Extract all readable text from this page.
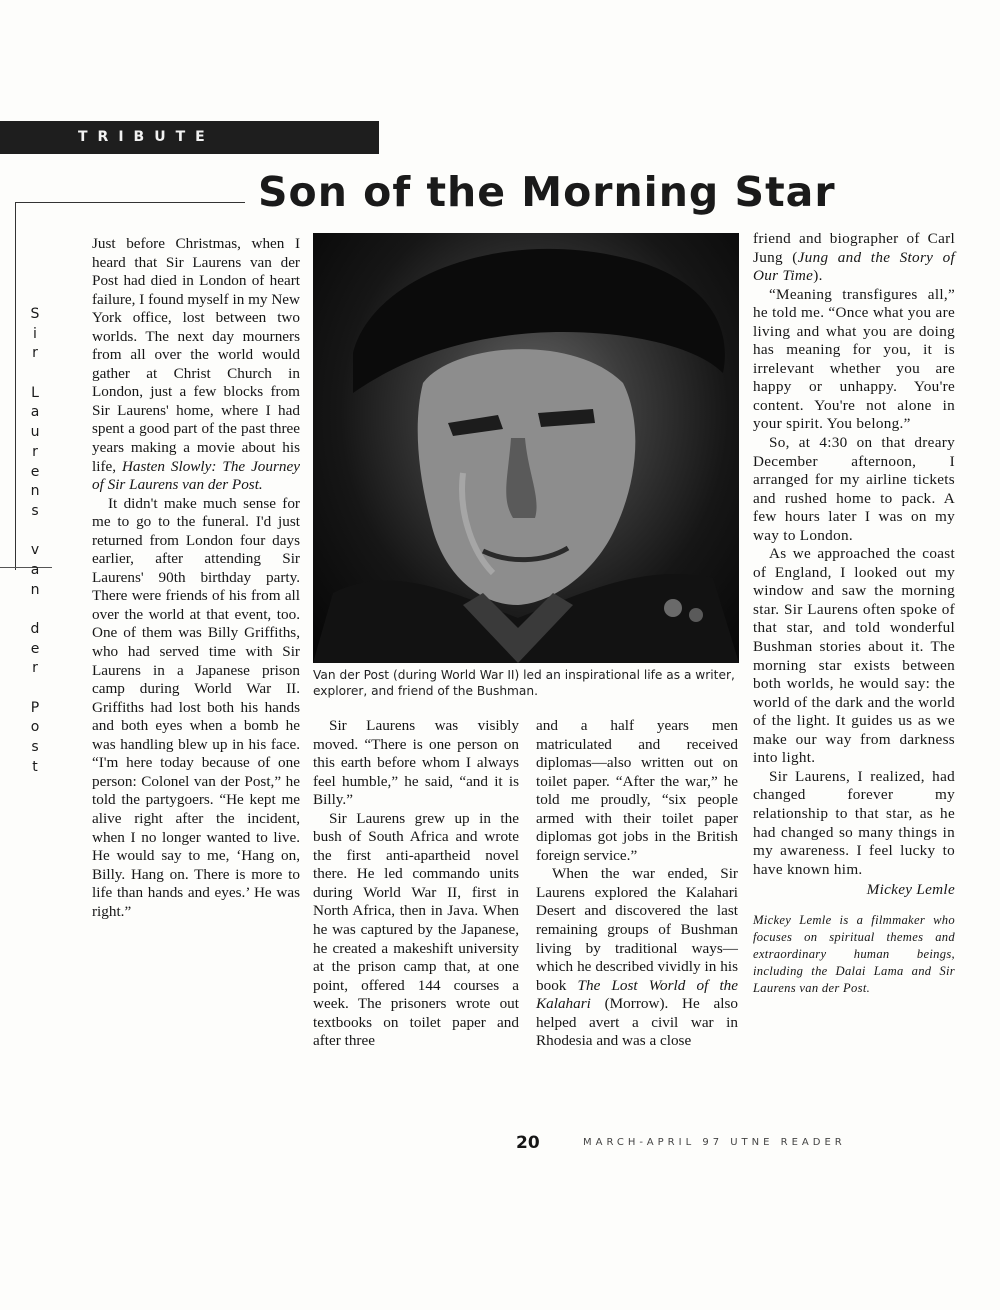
TRIBUTE
Son of the Morning Star
S
i
r
L
a
u
r
e
n
s
v
a
n
d
e
r
P
o
s
t

Just before Christmas, when I heard that Sir Laurens van der Post had died in London of heart failure, I found myself in my New York office, lost between two worlds. The next day mourners from all over the world would gather at Christ Church in London, just a few blocks from Sir Laurens' home, where I had spent a good part of the past three years making a movie about his life, Hasten Slowly: The Journey of Sir Laurens van der Post.

It didn't make much sense for me to go to the funeral. I'd just returned from London four days earlier, after attending Sir Laurens' 90th birthday party. There were friends of his from all over the world at that event, too. One of them was Billy Griffiths, who had served time with Sir Laurens in a Japanese prison camp during World War II. Griffiths had lost both his hands and both eyes when a bomb he was handling blew up in his face. “I'm here today because of one person: Colonel van der Post,” he told the partygoers. “He kept me alive right after the incident, when I no longer wanted to live. He would say to me, ‘Hang on, Billy. Hang on. There is more to life than hands and eyes.’ He was right.”

Van der Post (during World War II) led an inspirational life as a writer, explorer, and friend of the Bushman.

Sir Laurens was visibly moved. “There is one person on this earth before whom I always feel humble,” he said, “and it is Billy.”

Sir Laurens grew up in the bush of South Africa and wrote the first anti-apartheid novel there. He led commando units during World War II, first in North Africa, then in Java. When he was captured by the Japanese, he created a makeshift university at the prison camp that, at one point, offered 144 courses a week. The prisoners wrote out textbooks on toilet paper and after three

and a half years men matriculated and received diplomas—also written out on toilet paper. “After the war,” he told me proudly, “six people armed with their toilet paper diplomas got jobs in the British foreign service.”

When the war ended, Sir Laurens explored the Kalahari Desert and discovered the last remaining groups of Bushman living by traditional ways—which he described vividly in his book The Lost World of the Kalahari (Morrow). He also helped avert a civil war in Rhodesia and was a close

friend and biographer of Carl Jung (Jung and the Story of Our Time).

“Meaning transfigures all,” he told me. “Once what you are living and what you are doing has meaning for you, it is irrelevant whether you are happy or unhappy. You're content. You're not alone in your spirit. You belong.”

So, at 4:30 on that dreary December afternoon, I arranged for my airline tickets and rushed home to pack. A few hours later I was on my way to London.

As we approached the coast of England, I looked out my window and saw the morning star. Sir Laurens often spoke of that star, and told wonderful Bushman stories about it. The morning star exists between both worlds, he would say: the world of the dark and the world of the light. It guides us as we make our way from darkness into light.

Sir Laurens, I realized, had changed forever my relationship to that star, as he had changed so many things in my awareness. I feel lucky to have known him.

Mickey Lemle

Mickey Lemle is a filmmaker who focuses on spiritual themes and extraordinary human beings, including the Dalai Lama and Sir Laurens van der Post.

20	MARCH-APRIL 97 UTNE READER
